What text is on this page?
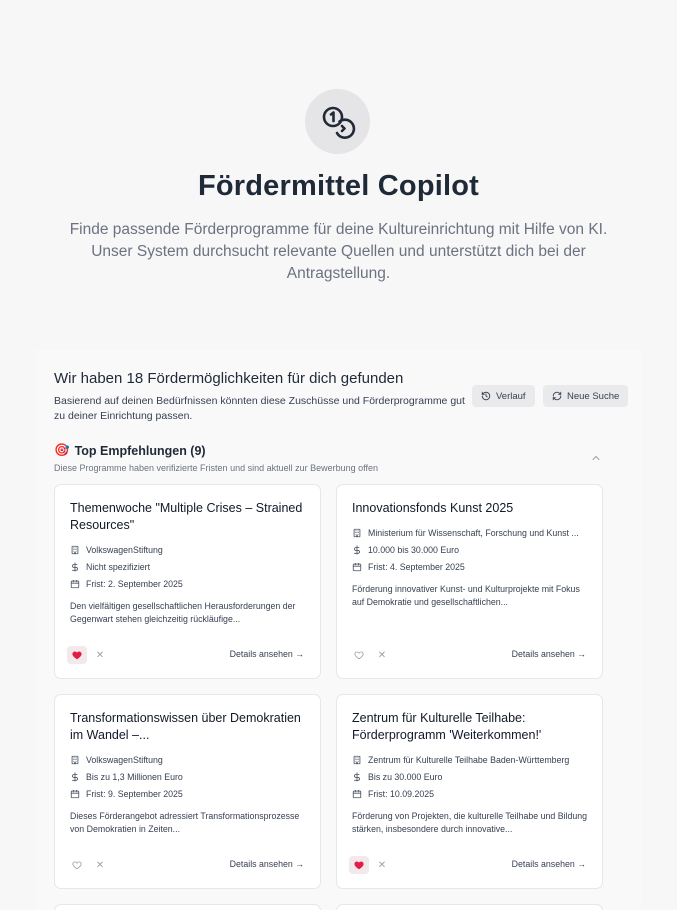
Fördermittel Copilot
Finde passende Förderprogramme für deine Kultureinrichtung mit Hilfe von KI. Unser System durchsucht relevante Quellen und unterstützt dich bei der Antragstellung.
Wir haben 18 Fördermöglichkeiten für dich gefunden
Basierend auf deinen Bedürfnissen könnten diese Zuschüsse und Förderprogramme gut zu deiner Einrichtung passen.
Verlauf	Neue Suche
🎯 Top Empfehlungen (9)
Diese Programme haben verifizierte Fristen und sind aktuell zur Bewerbung offen
Themenwoche "Multiple Crises – Strained Resources"
VolkswagenStiftung
Nicht spezifiziert
Frist: 2. September 2025
Den vielfältigen gesellschaftlichen Herausforderungen der Gegenwart stehen gleichzeitig rückläufige...
✕	Details ansehen →
Innovationsfonds Kunst 2025
Ministerium für Wissenschaft, Forschung und Kunst ...
10.000 bis 30.000 Euro
Frist: 4. September 2025
Förderung innovativer Kunst- und Kulturprojekte mit Fokus auf Demokratie und gesellschaftlichen...
✕	Details ansehen →
Transformationswissen über Demokratien im Wandel –...
VolkswagenStiftung
Bis zu 1,3 Millionen Euro
Frist: 9. September 2025
Dieses Förderangebot adressiert Transformationsprozesse von Demokratien in Zeiten...
✕	Details ansehen →
Zentrum für Kulturelle Teilhabe: Förderprogramm 'Weiterkommen!'
Zentrum für Kulturelle Teilhabe Baden-Württemberg
Bis zu 30.000 Euro
Frist: 10.09.2025
Förderung von Projekten, die kulturelle Teilhabe und Bildung stärken, insbesondere durch innovative...
✕	Details ansehen →
